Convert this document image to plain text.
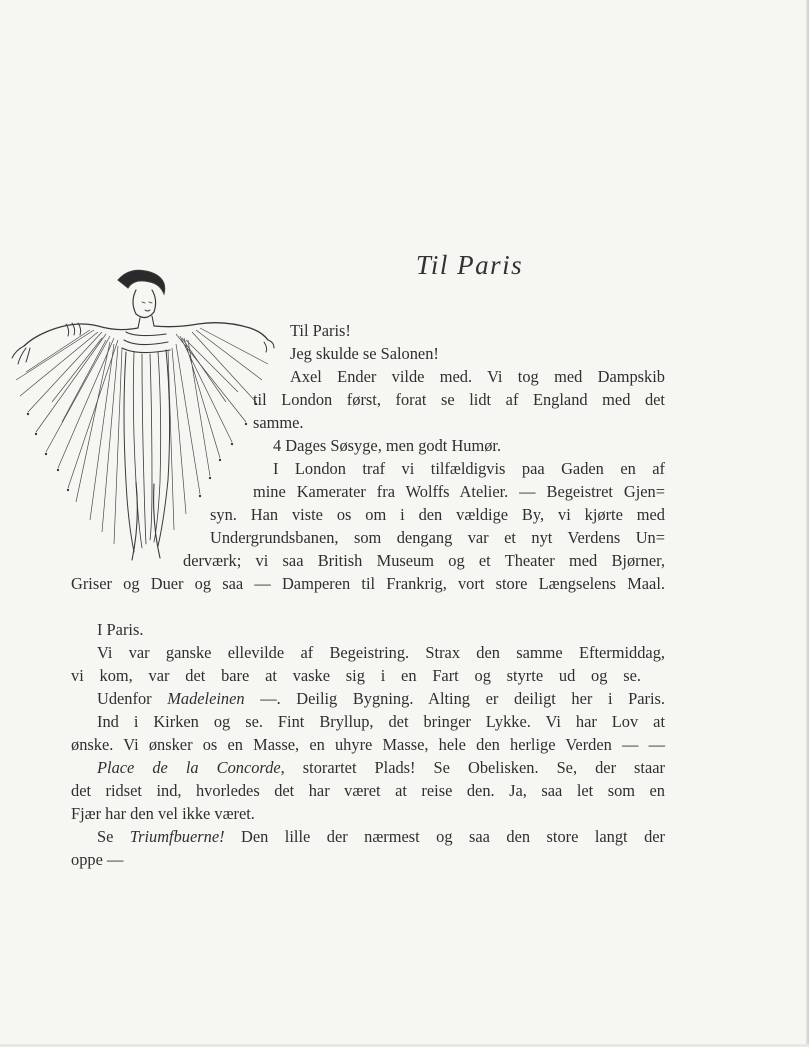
Til Paris
Til Paris!
Jeg skulde se Salonen!
Axel Ender vilde med. Vi tog med Dampskib
til London først, forat se lidt af England med det
samme.
4 Dages Søsyge, men godt Humør.
I London traf vi tilfældigvis paa Gaden en af
mine Kamerater fra Wolffs Atelier. — Begeistret Gjen=
syn. Han viste os om i den vældige By, vi kjørte med
Undergrundsbanen, som dengang var et nyt Verdens Un=
derværk; vi saa British Museum og et Theater med Bjørner,
Griser og Duer og saa — Damperen til Frankrig, vort store Længselens Maal.
I Paris.
Vi var ganske ellevilde af Begeistring. Strax den samme Eftermiddag,
vi kom, var det bare at vaske sig i en Fart og styrte ud og se.
Udenfor Madeleinen —. Deilig Bygning. Alting er deiligt her i Paris.
Ind i Kirken og se. Fint Bryllup, det bringer Lykke. Vi har Lov at
ønske. Vi ønsker os en Masse, en uhyre Masse, hele den herlige Verden — —
Place de la Concorde, storartet Plads! Se Obelisken. Se, der staar
det ridset ind, hvorledes det har været at reise den. Ja, saa let som en
Fjær har den vel ikke været.
Se Triumfbuerne! Den lille der nærmest og saa den store langt der
oppe —
